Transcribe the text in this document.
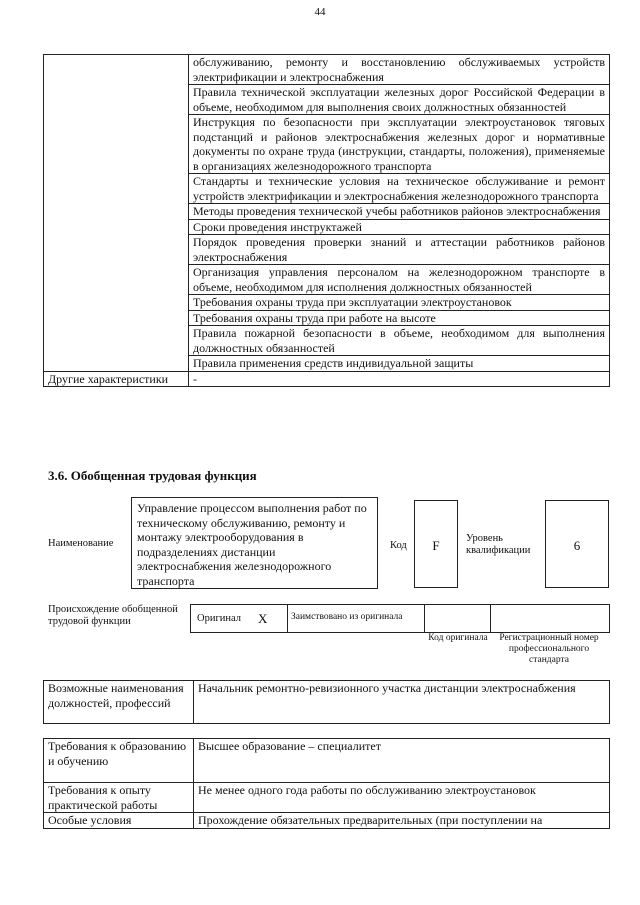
44
	обслуживанию, ремонту и восстановлению обслуживаемых устройств электрификации и электроснабжения
	Правила технической эксплуатации железных дорог Российской Федерации в объеме, необходимом для выполнения своих должностных обязанностей
	Инструкция по безопасности при эксплуатации электроустановок тяговых подстанций и районов электроснабжения железных дорог и нормативные документы по охране труда (инструкции, стандарты, положения), применяемые в организациях железнодорожного транспорта
	Стандарты и технические условия на техническое обслуживание и ремонт устройств электрификации и электроснабжения железнодорожного транспорта
	Методы проведения технической учебы работников районов электроснабжения
	Сроки проведения инструктажей
	Порядок проведения проверки знаний и аттестации работников районов электроснабжения
	Организация управления персоналом на железнодорожном транспорте в объеме, необходимом для исполнения должностных обязанностей
	Требования охраны труда при эксплуатации электроустановок
	Требования охраны труда при работе на высоте
	Правила пожарной безопасности в объеме, необходимом для выполнения должностных обязанностей
	Правила применения средств индивидуальной защиты
Другие характеристики	-
3.6. Обобщенная трудовая функция
Наименование
Управление процессом выполнения работ по техническому обслуживанию, ремонту и монтажу электрооборудования в подразделениях дистанции электроснабжения железнодорожного транспорта
Код	F	Уровень квалификации	6
Происхождение обобщенной трудовой функции	Оригинал X	Заимствовано из оригинала
Код оригинала	Регистрационный номер профессионального стандарта
Возможные наименования должностей, профессий	Начальник ремонтно-ревизионного участка дистанции электроснабжения
Требования к образованию и обучению	Высшее образование – специалитет
Требования к опыту практической работы	Не менее одного года работы по обслуживанию электроустановок
Особые условия	Прохождение обязательных предварительных (при поступлении на
